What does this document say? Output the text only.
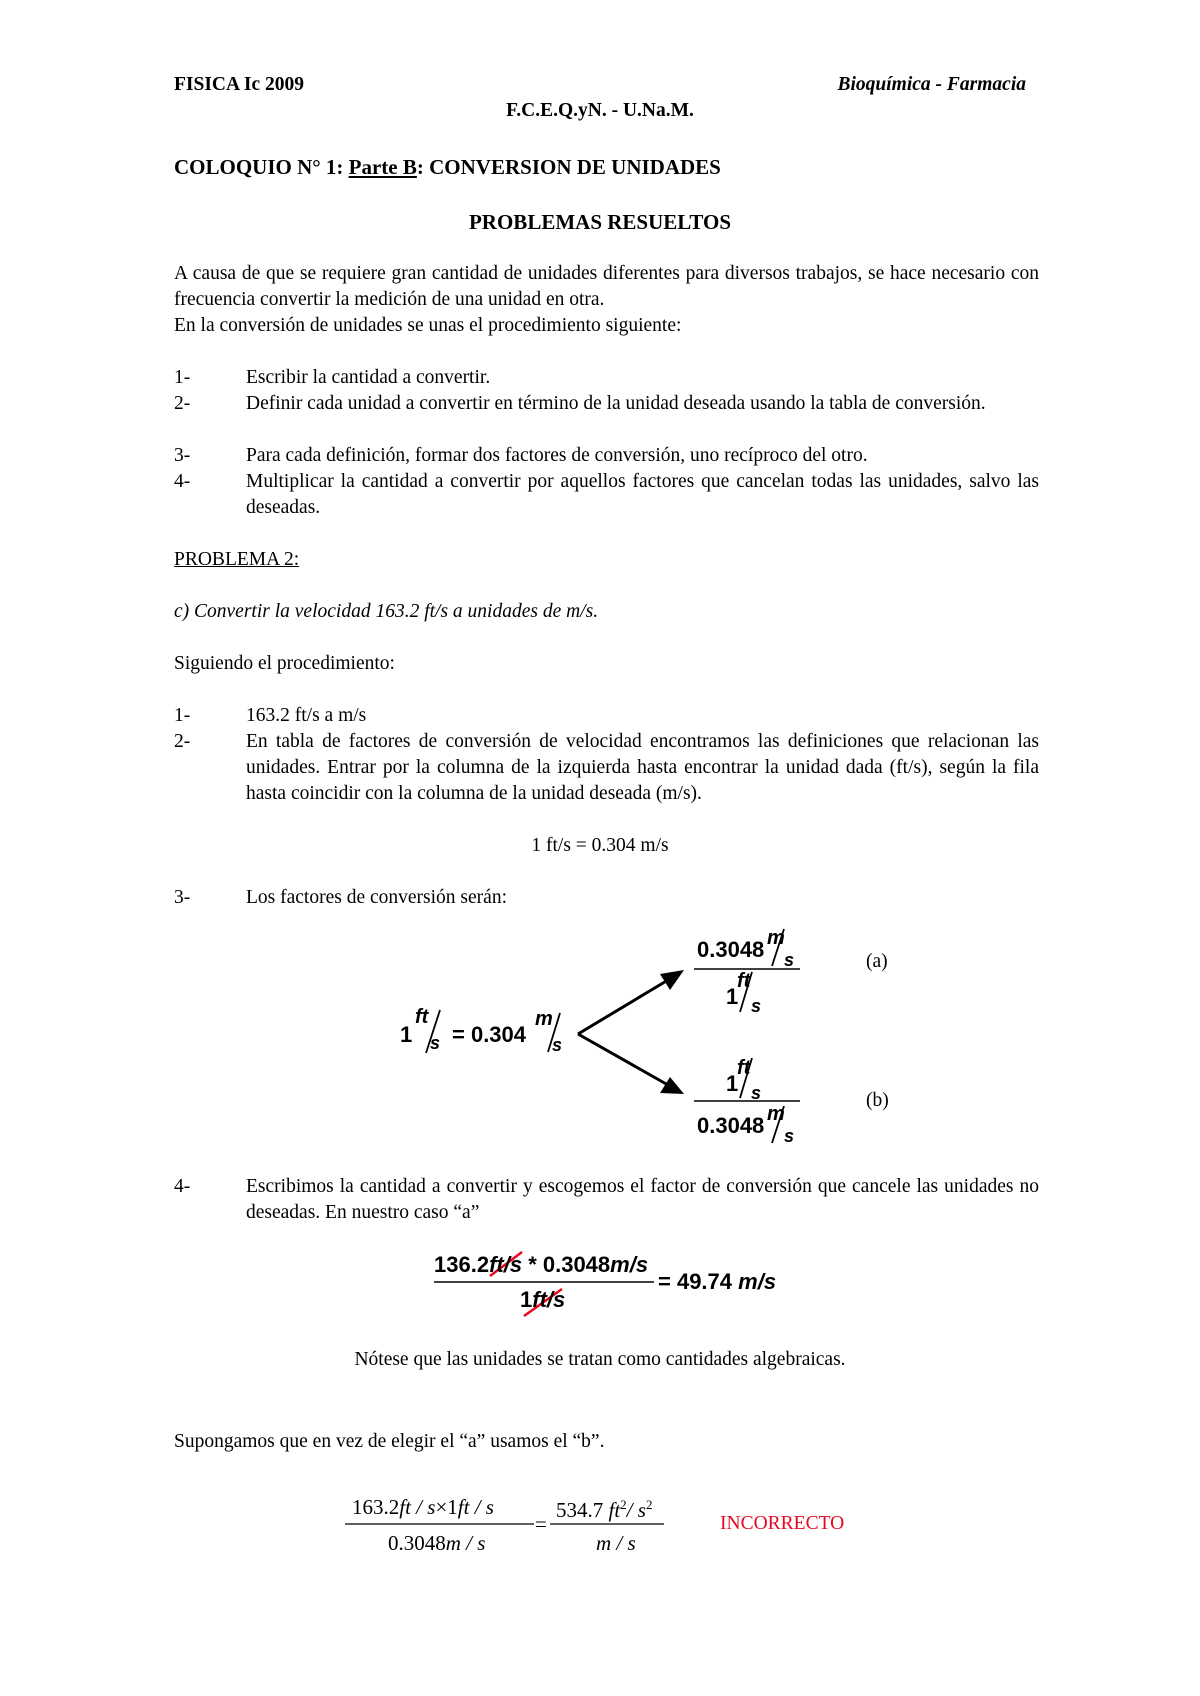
FISICA Ic 2009	Bioquímica - Farmacia
F.C.E.Q.yN. - U.Na.M.
COLOQUIO N° 1: Parte B: CONVERSION DE UNIDADES
PROBLEMAS RESUELTOS
A causa de que se requiere gran cantidad de unidades diferentes para diversos trabajos, se hace necesario con frecuencia convertir la medición de una unidad en otra.
En la conversión de unidades se unas el procedimiento siguiente:
1-	Escribir la cantidad a convertir.
2-	Definir cada unidad a convertir en término de la unidad deseada usando la tabla de conversión.
3-	Para cada definición, formar dos factores de conversión, uno recíproco del otro.
4-	Multiplicar la cantidad a convertir por aquellos factores que cancelan todas las unidades, salvo las deseadas.
PROBLEMA 2:
c) Convertir la velocidad 163.2 ft/s a unidades de m/s.
Siguiendo el procedimiento:
1-	163.2 ft/s a m/s
2-	En tabla de factores de conversión de velocidad encontramos las definiciones que relacionan las unidades. Entrar por la columna de la izquierda hasta encontrar la unidad dada (ft/s), según la fila hasta coincidir con la columna de la unidad deseada (m/s).
1 ft/s = 0.304 m/s
3-	Los factores de conversión serán:
1
ft
s = 0.304
m
s
0.3048 m
s
1
ft
s
(a)
1
ft
s
0.3048 m
s
(b)
4-	Escribimos la cantidad a convertir y escogemos el factor de conversión que cancele las unidades no deseadas. En nuestro caso “a”
136.2ft/s * 0.3048m/s
1ft/s
= 49.74 m/s
Nótese que las unidades se tratan como cantidades algebraicas.
Supongamos que en vez de elegir el “a” usamos el “b”.
163.2ft / s×1ft / s
0.3048m / s
=
534.7 $ft^2/$ $s^2$
m / s
INCORRECTO
